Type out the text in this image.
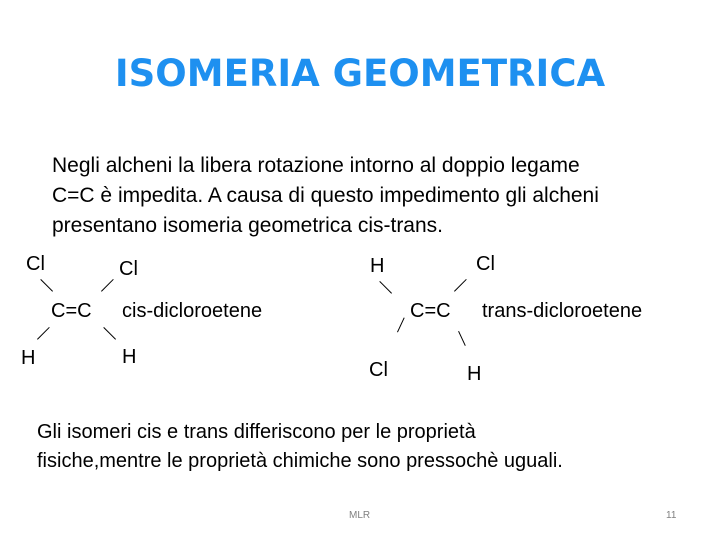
ISOMERIA GEOMETRICA
Negli alcheni la libera rotazione intorno al doppio legame
C=C è impedita. A causa di questo impedimento gli alcheni
presentano isomeria geometrica cis-trans.
Cl	Cl
C=C cis-dicloroetene
H	H
H	Cl
C=C trans-dicloroetene
Cl	H
Gli isomeri cis e trans differiscono per le proprietà
fisiche,mentre le proprietà chimiche sono pressochè uguali.
MLR	11
